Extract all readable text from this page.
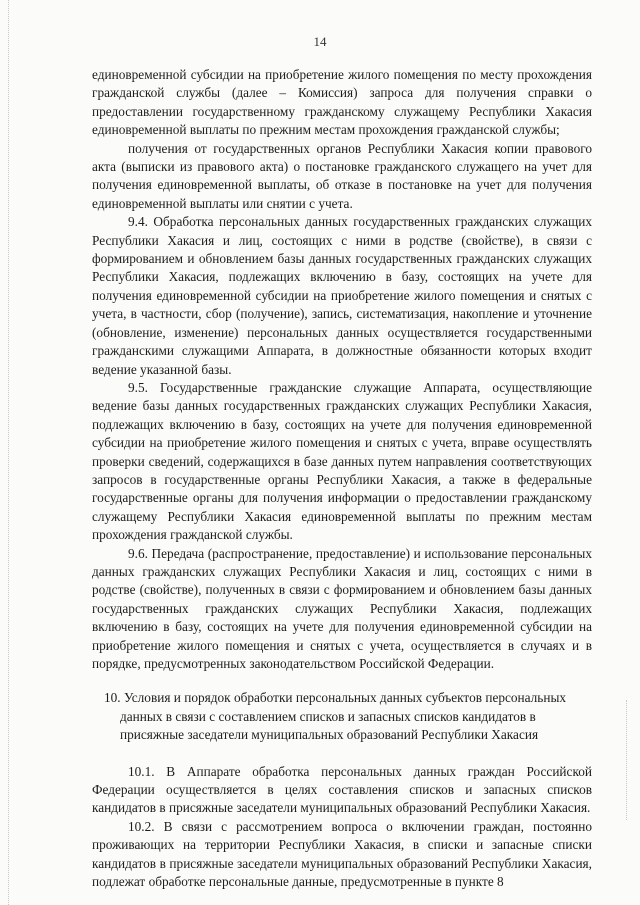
14

единовременной субсидии на приобретение жилого помещения по месту прохождения гражданской службы (далее – Комиссия) запроса для получения справки о предоставлении государственному гражданскому служащему Республики Хакасия единовременной выплаты по прежним местам прохождения гражданской службы;

получения от государственных органов Республики Хакасия копии правового акта (выписки из правового акта) о постановке гражданского служащего на учет для получения единовременной выплаты, об отказе в постановке на учет для получения единовременной выплаты или снятии с учета.

9.4. Обработка персональных данных государственных гражданских служащих Республики Хакасия и лиц, состоящих с ними в родстве (свойстве), в связи с формированием и обновлением базы данных государственных гражданских служащих Республики Хакасия, подлежащих включению в базу, состоящих на учете для получения единовременной субсидии на приобретение жилого помещения и снятых с учета, в частности, сбор (получение), запись, систематизация, накопление и уточнение (обновление, изменение) персональных данных осуществляется государственными гражданскими служащими Аппарата, в должностные обязанности которых входит ведение указанной базы.

9.5. Государственные гражданские служащие Аппарата, осуществляющие ведение базы данных государственных гражданских служащих Республики Хакасия, подлежащих включению в базу, состоящих на учете для получения единовременной субсидии на приобретение жилого помещения и снятых с учета, вправе осуществлять проверки сведений, содержащихся в базе данных путем направления соответствующих запросов в государственные органы Республики Хакасия, а также в федеральные государственные органы для получения информации о предоставлении гражданскому служащему Республики Хакасия единовременной выплаты по прежним местам прохождения гражданской службы.

9.6. Передача (распространение, предоставление) и использование персональных данных гражданских служащих Республики Хакасия и лиц, состоящих с ними в родстве (свойстве), полученных в связи с формированием и обновлением базы данных государственных гражданских служащих Республики Хакасия, подлежащих включению в базу, состоящих на учете для получения единовременной субсидии на приобретение жилого помещения и снятых с учета, осуществляется в случаях и в порядке, предусмотренных законодательством Российской Федерации.

10. Условия и порядок обработки персональных данных субъектов персональных данных в связи с составлением списков и запасных списков кандидатов в присяжные заседатели муниципальных образований Республики Хакасия

10.1. В Аппарате обработка персональных данных граждан Российской Федерации осуществляется в целях составления списков и запасных списков кандидатов в присяжные заседатели муниципальных образований Республики Хакасия.

10.2. В связи с рассмотрением вопроса о включении граждан, постоянно проживающих на территории Республики Хакасия, в списки и запасные списки кандидатов в присяжные заседатели муниципальных образований Республики Хакасия, подлежат обработке персональные данные, предусмотренные в пункте 8
